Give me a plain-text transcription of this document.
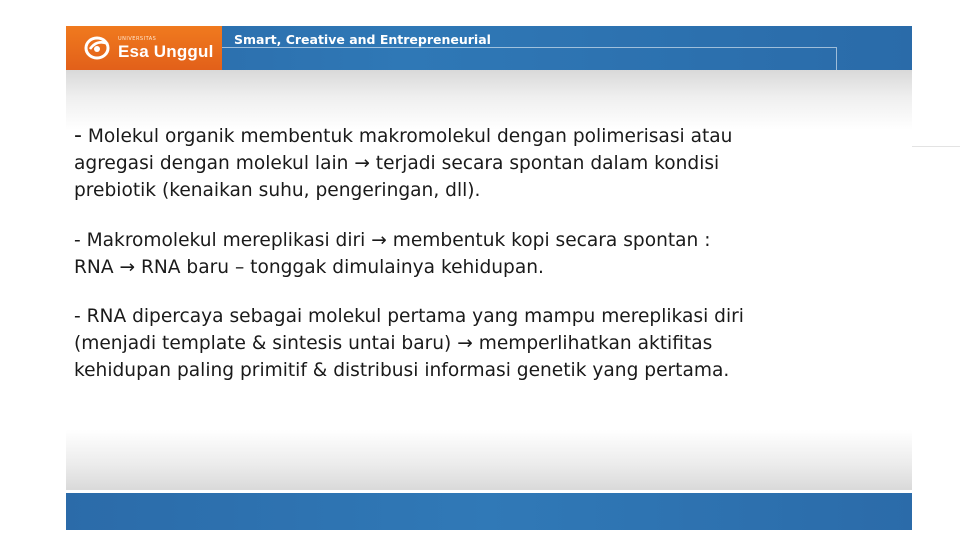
UNIVERSITAS
Esa Unggul
Smart, Creative and Entrepreneurial

- Molekul organik membentuk makromolekul dengan polimerisasi atau
agregasi dengan molekul lain → terjadi secara spontan dalam kondisi
prebiotik (kenaikan suhu, pengeringan, dll).

- Makromolekul mereplikasi diri → membentuk kopi secara spontan :
RNA → RNA baru – tonggak dimulainya kehidupan.

- RNA dipercaya sebagai molekul pertama yang mampu mereplikasi diri
(menjadi template & sintesis untai baru) → memperlihatkan aktifitas
kehidupan paling primitif & distribusi informasi genetik yang pertama.
